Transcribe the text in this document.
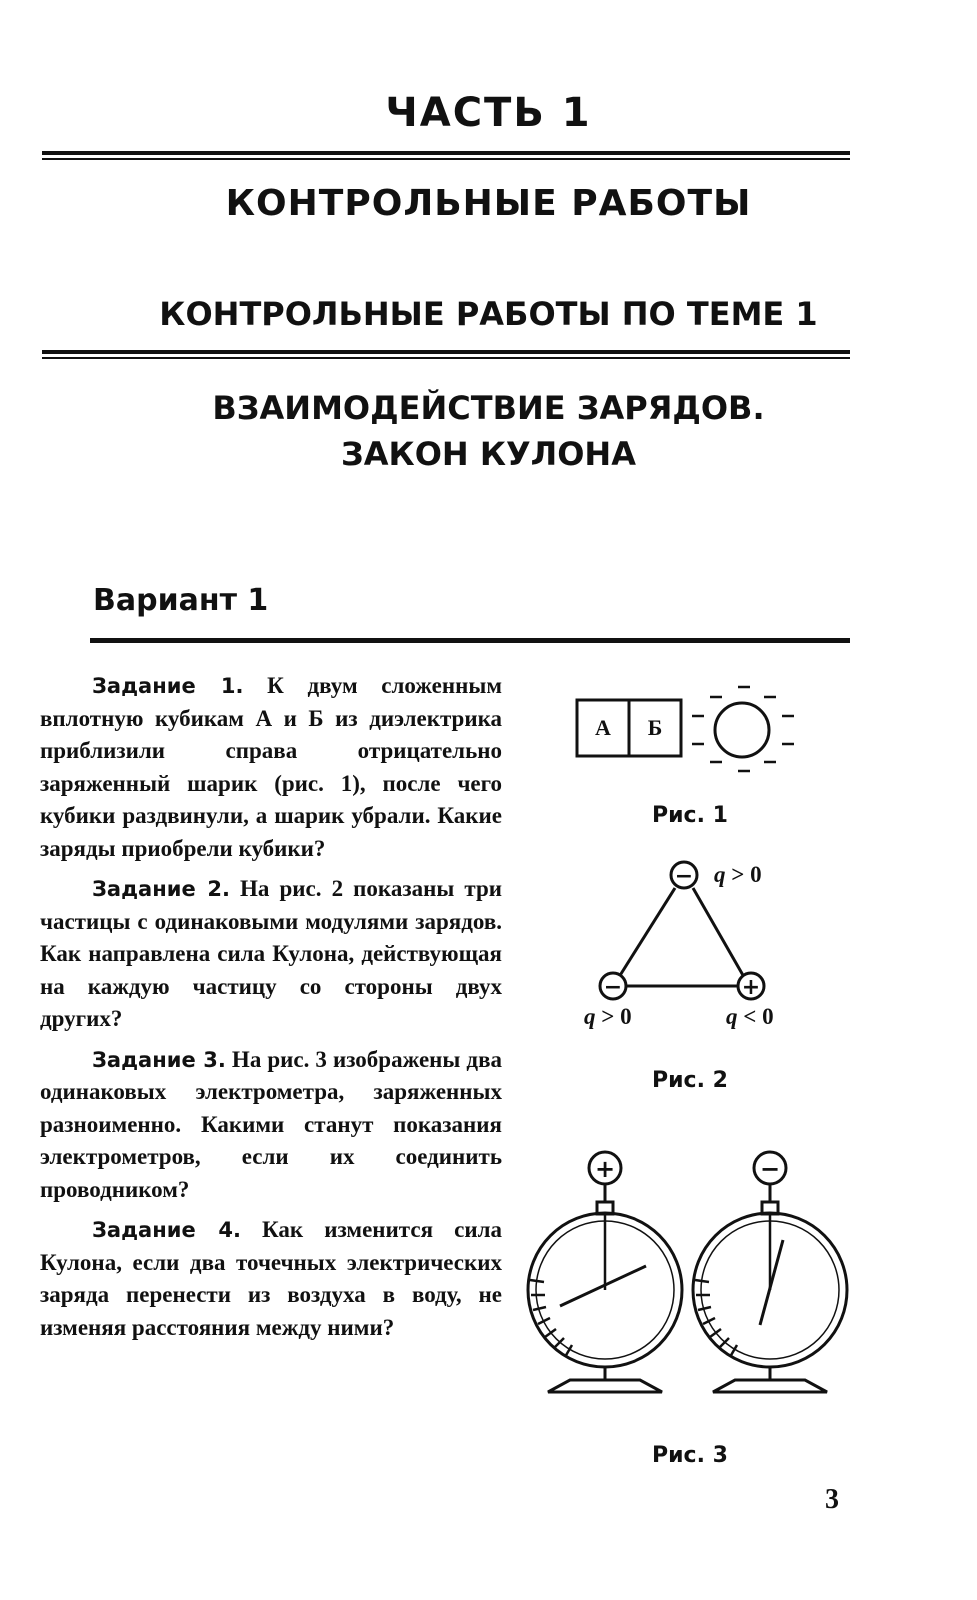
ЧАСТЬ 1
КОНТРОЛЬНЫЕ РАБОТЫ
КОНТРОЛЬНЫЕ РАБОТЫ ПО ТЕМЕ 1
ВЗАИМОДЕЙСТВИЕ ЗАРЯДОВ.
ЗАКОН КУЛОНА
Вариант 1

Задание 1. К двум сложенным вплотную кубикам А и Б из диэлектрика приблизили справа отрицательно заряженный шарик (рис. 1), после чего кубики раздвинули, а шарик убрали. Какие заряды приобрели кубики?

Задание 2. На рис. 2 показаны три частицы с одинаковыми модулями зарядов. Как направлена сила Кулона, действующая на каждую частицу со стороны двух других?

Задание 3. На рис. 3 изображены два одинаковых электрометра, заряженных разноименно. Какими станут показания электрометров, если их соединить проводником?

Задание 4. Как изменится сила Кулона, если два точечных электрических заряда перенести из воздуха в воду, не изменяя расстояния между ними?

А Б
−
−	+
+	−
Рис. 1
q > 0
q > 0	q < 0
Рис. 2
Рис. 3
3
